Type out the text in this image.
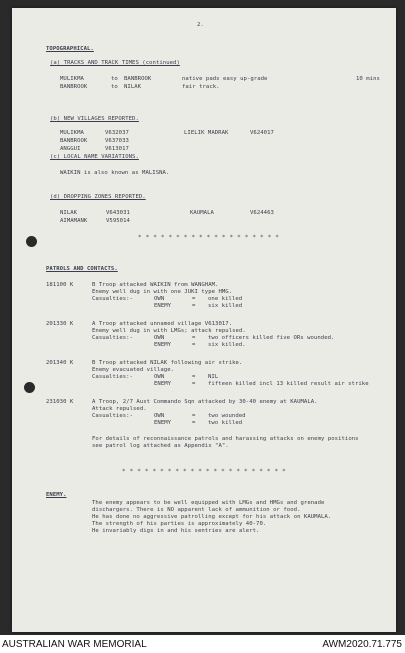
2.
TOPOGRAPHICAL.
(a) TRACKS AND TRACK TIMES (continued)
MULIKMA	to BANBROOK	native pads easy up-grade	10 mins
BANBROOK	to NILAK	fair track.
(b) NEW VILLAGES REPORTED.
MULIKMA	V632037	LIELIK MADRAK	V624017
BANBROOK	V637033
ANGGUI	V613017
(c) LOCAL NAME VARIATIONS.
WAIKIN is also known as MALISNA.
(d) DROPPING ZONES REPORTED.
NILAK	V643031	KAUMALA	V624463
AIMAMANK	V595014
* * * * * * * * * * * * * * * * * * *
PATROLS AND CONTACTS.
181100 K	B Troop attacked WAIKIN from WANGHAM.
Enemy well dug in with one JUKI type HMG.
Casualties:-	OWN	= one killed
ENEMY	= six killed
201330 K	A Troop attacked unnamed village V613017.
Enemy well dug in with LMGs; attack repulsed.
Casualties:-	OWN	= two officers killed five ORs wounded.
ENEMY	= six killed.
201340 K	B Troop attacked NILAK following air strike.
Enemy evacuated village.
Casualties:-	OWN	= NIL
ENEMY	= fifteen killed incl 13 killed result air strike
231030 K	A Troop, 2/7 Aust Commando Sqn attacked by 30-40 enemy at KAUMALA.
Attack repulsed.
Casualties:-	OWN	= two wounded
ENEMY	= two killed
For details of reconnaissance patrols and harassing attacks on enemy positions
see patrol log attached as Appendix "A".
* * * * * * * * * * * * * * * * * * * * * *
ENEMY.
The enemy appears to be well equipped with LMGs and HMGs and grenade
dischargers. There is NO apparent lack of ammunition or food.
He has done no aggressive patrolling except for his attack on KAUMALA.
The strength of his parties is approximately 40-70.
He invariably digs in and his sentries are alert.
AUSTRALIAN WAR MEMORIAL	AWM2020.71.775
